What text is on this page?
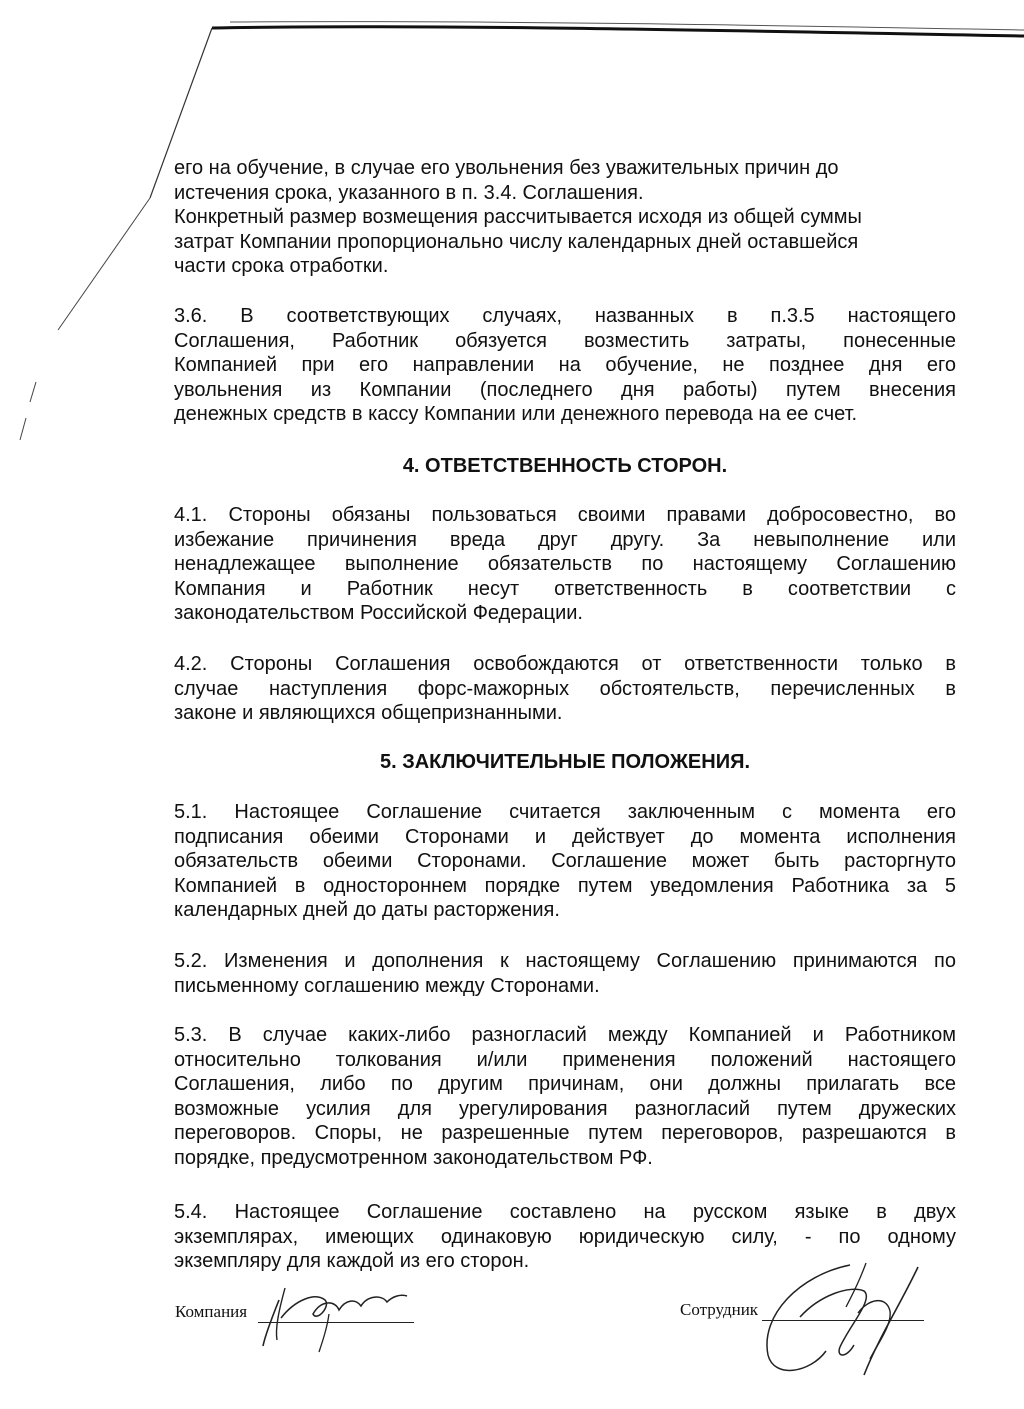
его на обучение, в случае его увольнения без уважительных причин до
истечения срока, указанного в п. 3.4. Соглашения.
Конкретный размер возмещения рассчитывается исходя из общей суммы
затрат Компании пропорционально числу календарных дней оставшейся
части срока отработки.
3.6. В соответствующих случаях, названных в п.3.5 настоящего
Соглашения, Работник обязуется возместить затраты, понесенные
Компанией при его направлении на обучение, не позднее дня его
увольнения из Компании (последнего дня работы) путем внесения
денежных средств в кассу Компании или денежного перевода на ее счет.
4. ОТВЕТСТВЕННОСТЬ СТОРОН.
4.1. Стороны обязаны пользоваться своими правами добросовестно, во
избежание причинения вреда друг другу. За невыполнение или
ненадлежащее выполнение обязательств по настоящему Соглашению
Компания и Работник несут ответственность в соответствии с
законодательством Российской Федерации.
4.2. Стороны Соглашения освобождаются от ответственности только в
случае наступления форс-мажорных обстоятельств, перечисленных в
законе и являющихся общепризнанными.
5. ЗАКЛЮЧИТЕЛЬНЫЕ ПОЛОЖЕНИЯ.
5.1. Настоящее Соглашение считается заключенным с момента его
подписания обеими Сторонами и действует до момента исполнения
обязательств обеими Сторонами. Соглашение может быть расторгнуто
Компанией в одностороннем порядке путем уведомления Работника за 5
календарных дней до даты расторжения.
5.2. Изменения и дополнения к настоящему Соглашению принимаются по
письменному соглашению между Сторонами.
5.3. В случае каких-либо разногласий между Компанией и Работником
относительно толкования и/или применения положений настоящего
Соглашения, либо по другим причинам, они должны прилагать все
возможные усилия для урегулирования разногласий путем дружеских
переговоров. Споры, не разрешенные путем переговоров, разрешаются в
порядке, предусмотренном законодательством РФ.
5.4. Настоящее Соглашение составлено на русском языке в двух
экземплярах, имеющих одинаковую юридическую силу, - по одному
экземпляру для каждой из его сторон.
Компания	Сотрудник
